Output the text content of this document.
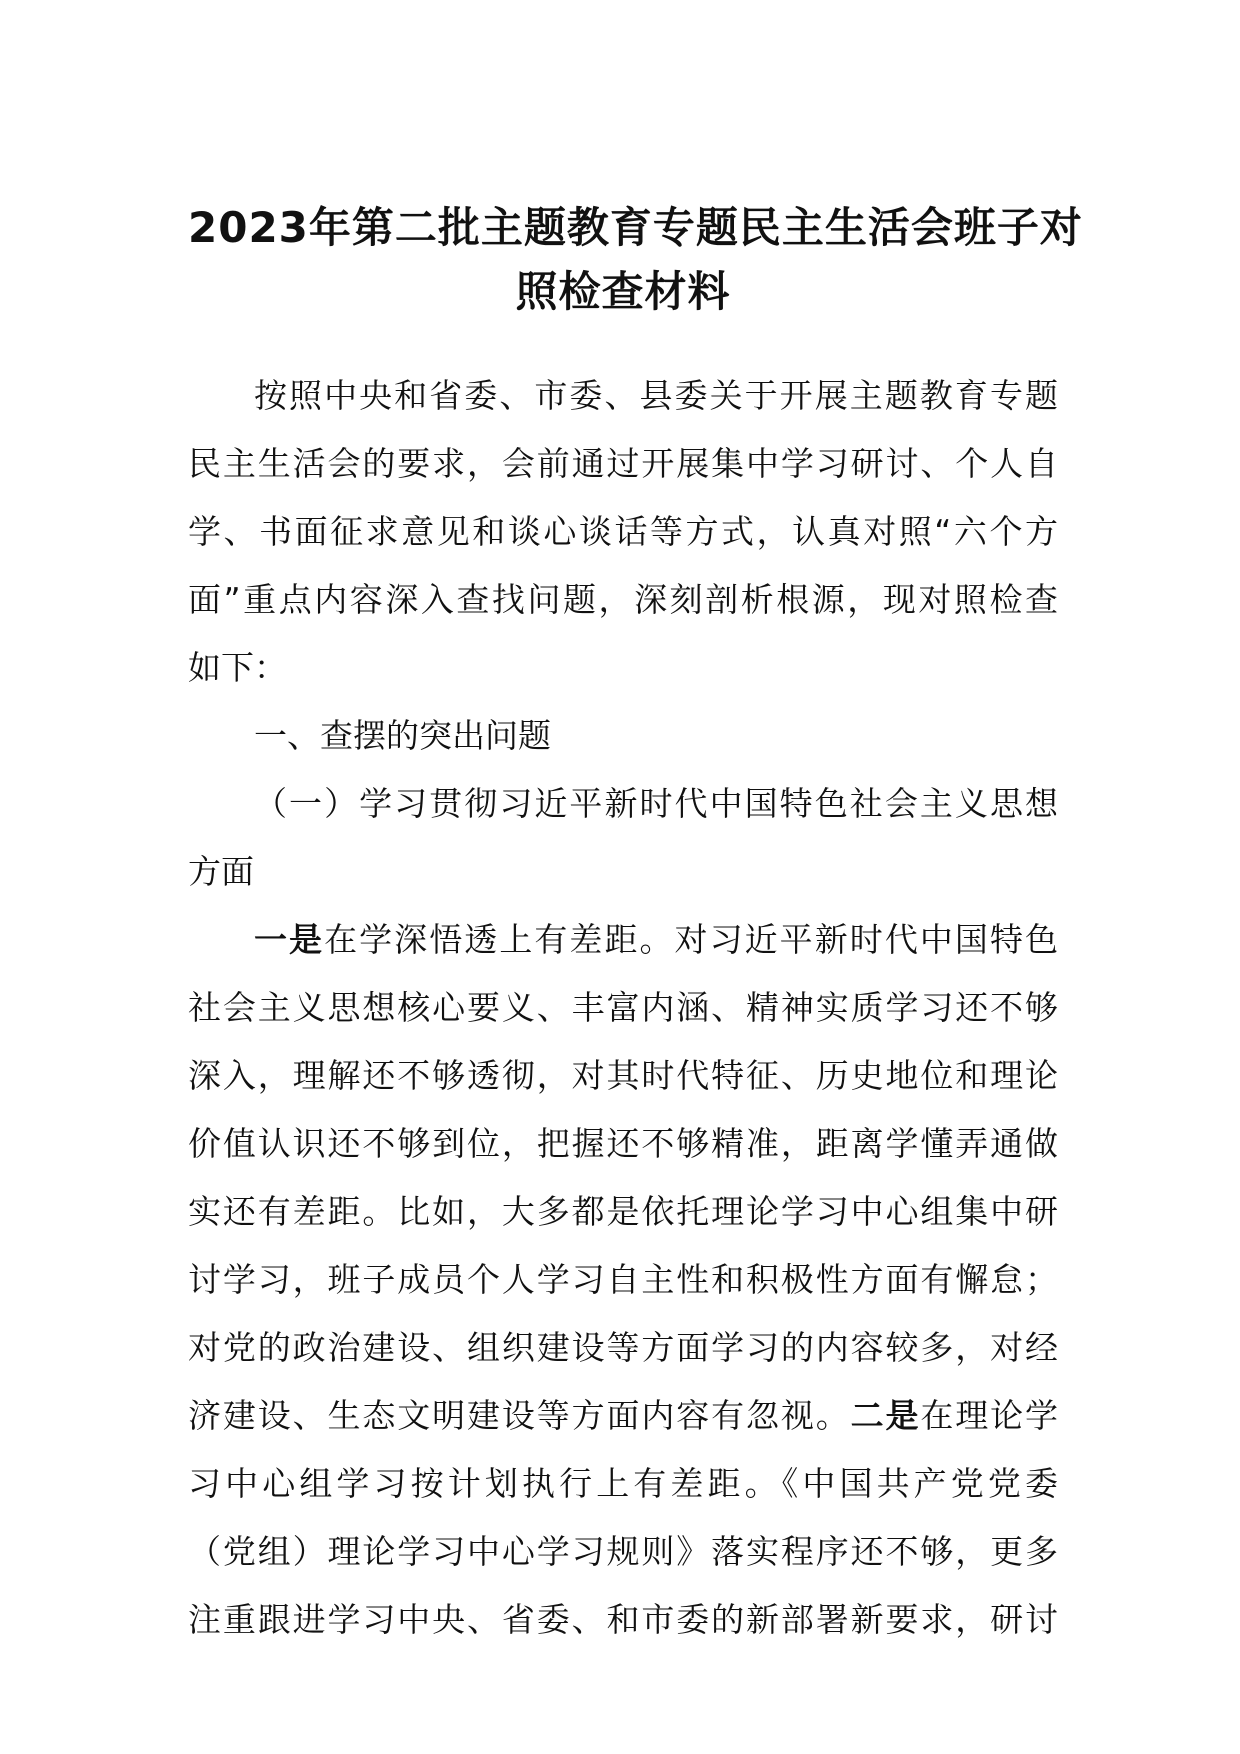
2023年第二批主题教育专题民主生活会班子对
照检查材料
按照中央和省委、市委、县委关于开展主题教育专题
民主生活会的要求，会前通过开展集中学习研讨、个人自
学、书面征求意见和谈心谈话等方式，认真对照“六个方
面”重点内容深入查找问题，深刻剖析根源，现对照检查
如下：
一、查摆的突出问题
（一）学习贯彻习近平新时代中国特色社会主义思想
方面
一是在学深悟透上有差距。对习近平新时代中国特色
社会主义思想核心要义、丰富内涵、精神实质学习还不够
深入，理解还不够透彻，对其时代特征、历史地位和理论
价值认识还不够到位，把握还不够精准，距离学懂弄通做
实还有差距。比如，大多都是依托理论学习中心组集中研
讨学习，班子成员个人学习自主性和积极性方面有懈怠；
对党的政治建设、组织建设等方面学习的内容较多，对经
济建设、生态文明建设等方面内容有忽视。二是在理论学
习中心组学习按计划执行上有差距。《中国共产党党委
（党组）理论学习中心学习规则》落实程序还不够，更多
注重跟进学习中央、省委、和市委的新部署新要求，研讨
